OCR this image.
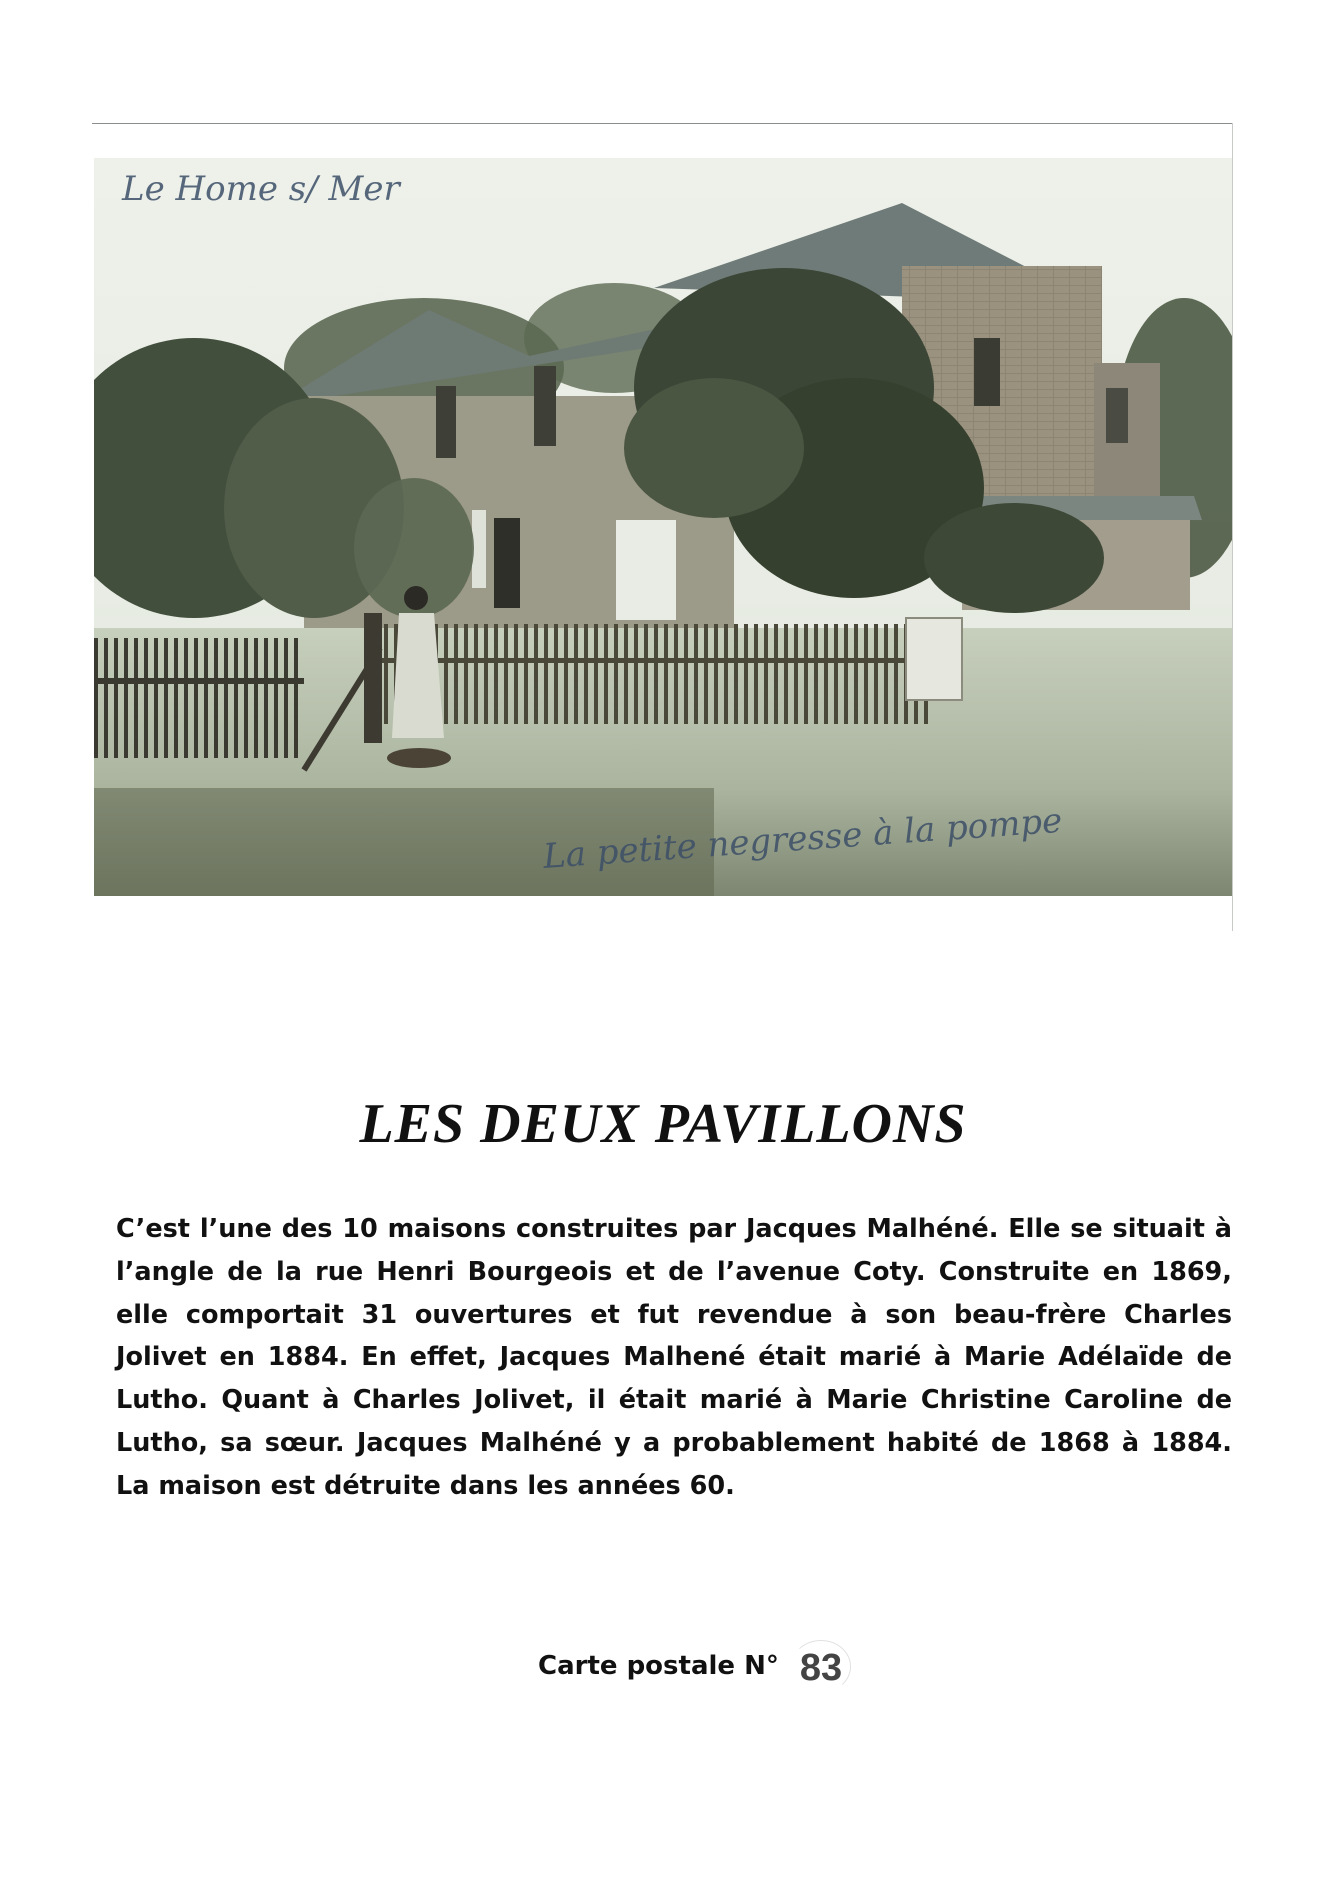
Le Home s/ Mer
La petite negresse à la pompe
LES DEUX PAVILLONS

C’est l’une des 10 maisons construites par Jacques Malhéné. Elle se situait à l’angle de la rue Henri Bourgeois et de l’avenue Coty. Construite en 1869, elle comportait 31 ouvertures et fut revendue à son beau-frère Charles Jolivet en 1884. En effet, Jacques Malhené était marié à Marie Adélaïde de Lutho. Quant à Charles Jolivet, il était marié à Marie Christine Caroline de Lutho, sa sœur. Jacques Malhéné y a probablement habité de 1868 à 1884. La maison est détruite dans les années 60.

Carte postale N° 83
